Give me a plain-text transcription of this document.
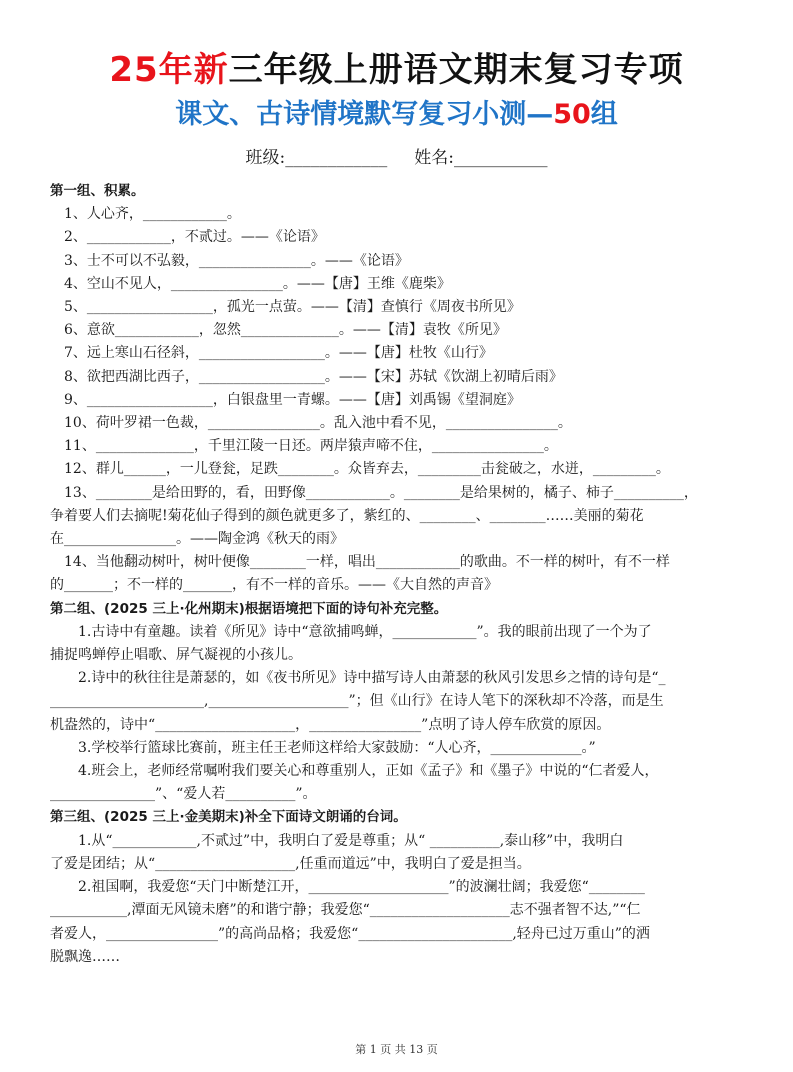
25年新三年级上册语文期末复习专项
课文、古诗情境默写复习小测—50组
班级:____________     姓名:___________
第一组、积累。
1、人心齐，____________。
2、____________，不贰过。——《论语》
3、士不可以不弘毅，________________。——《论语》
4、空山不见人，________________。——【唐】王维《鹿柴》
5、__________________，孤光一点萤。——【清】查慎行《周夜书所见》
6、意欲____________，忽然______________。——【清】袁牧《所见》
7、远上寒山石径斜，__________________。——【唐】杜牧《山行》
8、欲把西湖比西子，__________________。——【宋】苏轼《饮湖上初晴后雨》
9、__________________，白银盘里一青螺。——【唐】刘禹锡《望洞庭》
10、荷叶罗裙一色裁，________________。乱入池中看不见，________________。
11、______________，千里江陵一日还。两岸猿声啼不住，________________。
12、群儿______，一儿登瓮，足跌________。众皆弃去，_________击瓮破之，水迸，_________。
13、________是给田野的，看，田野像____________。________是给果树的，橘子、柿子__________，
争着要人们去摘呢!菊花仙子得到的颜色就更多了，紫红的、________、________……美丽的菊花
在________________。——陶金鸿《秋天的雨》
14、当他翻动树叶，树叶便像________一样，唱出____________的歌曲。不一样的树叶，有不一样
的_______；不一样的_______，有不一样的音乐。——《大自然的声音》
第二组、(2025 三上·化州期末)根据语境把下面的诗句补充完整。
1.古诗中有童趣。读着《所见》诗中“意欲捕鸣蝉，____________”。我的眼前出现了一个为了
捕捉鸣蝉停止唱歌、屏气凝视的小孩儿。
2.诗中的秋往往是萧瑟的，如《夜书所见》诗中描写诗人由萧瑟的秋风引发思乡之情的诗句是“_
______________________,____________________”；但《山行》在诗人笔下的深秋却不冷落，而是生
机盎然的，诗中“____________________，________________”点明了诗人停车欣赏的原因。
3.学校举行篮球比赛前，班主任王老师这样给大家鼓励：“人心齐，_____________。”
4.班会上，老师经常嘱咐我们要关心和尊重别人，正如《孟子》和《墨子》中说的“仁者爱人，
_______________”、“爱人若__________”。
第三组、(2025 三上·金美期末)补全下面诗文朗诵的台词。
1.从“____________,不贰过”中，我明白了爱是尊重；从“ __________,泰山移”中，我明白
了爱是团结；从“____________________,任重而道远”中，我明白了爱是担当。
2.祖国啊，我爱您“天门中断楚江开，____________________”的波澜壮阔；我爱您“________
___________,潭面无风镜未磨”的和谐宁静；我爱您“____________________志不强者智不达,”“仁
者爱人，________________”的高尚品格；我爱您“______________________,轻舟已过万重山”的洒
脱飘逸……
第 1 页 共 13 页
